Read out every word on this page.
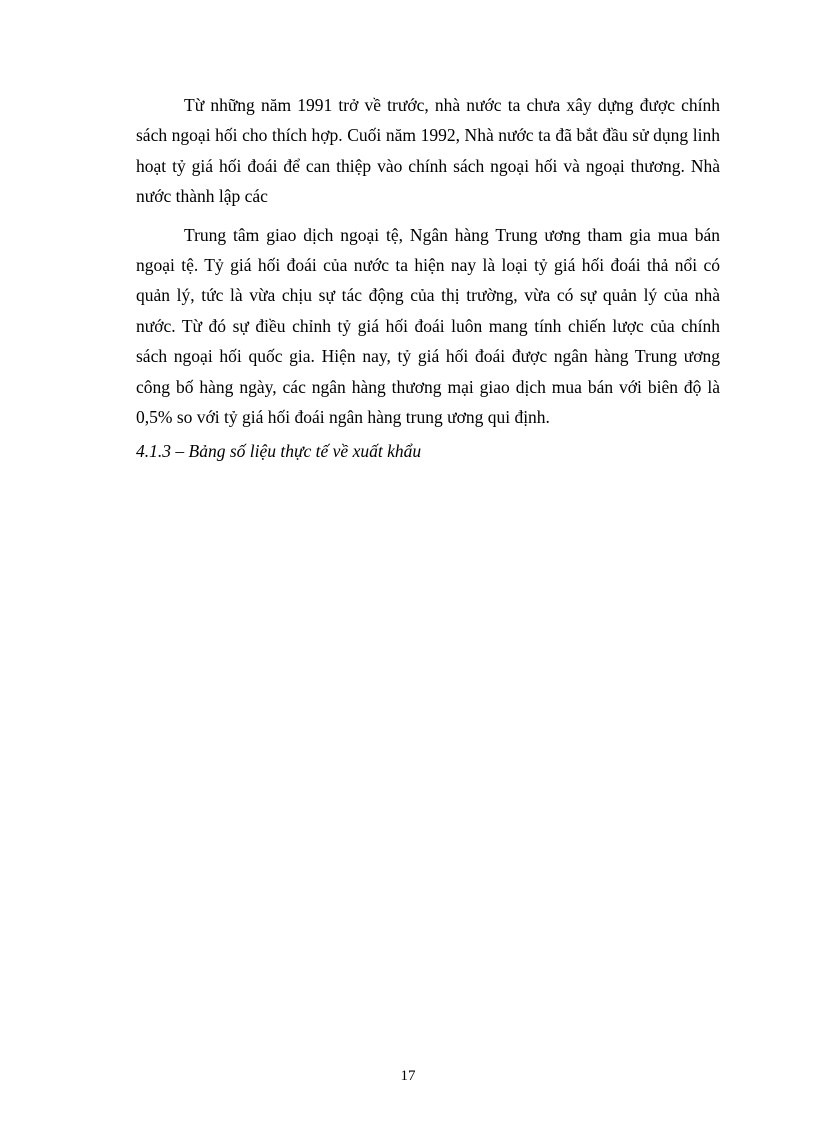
Từ những năm 1991 trở về trước, nhà nước ta chưa xây dựng được chính sách ngoại hối cho thích hợp. Cuối năm 1992, Nhà nước ta đã bắt đầu sử dụng linh hoạt tỷ giá hối đoái để can thiệp vào chính sách ngoại hối và ngoại thương. Nhà nước thành lập các

Trung tâm giao dịch ngoại tệ, Ngân hàng Trung ương tham gia mua bán ngoại tệ. Tỷ giá hối đoái của nước ta hiện nay là loại tỷ giá hối đoái thả nổi có quản lý, tức là vừa chịu sự tác động của thị trường, vừa có sự quản lý của nhà nước. Từ đó sự điều chỉnh tỷ giá hối đoái luôn mang tính chiến lược của chính sách ngoại hối quốc gia. Hiện nay, tỷ giá hối đoái được ngân hàng Trung ương công bố hàng ngày, các ngân hàng thương mại giao dịch mua bán với biên độ là 0,5% so với tỷ giá hối đoái ngân hàng trung ương qui định.

4.1.3 – Bảng số liệu thực tế về xuất khẩu

17
